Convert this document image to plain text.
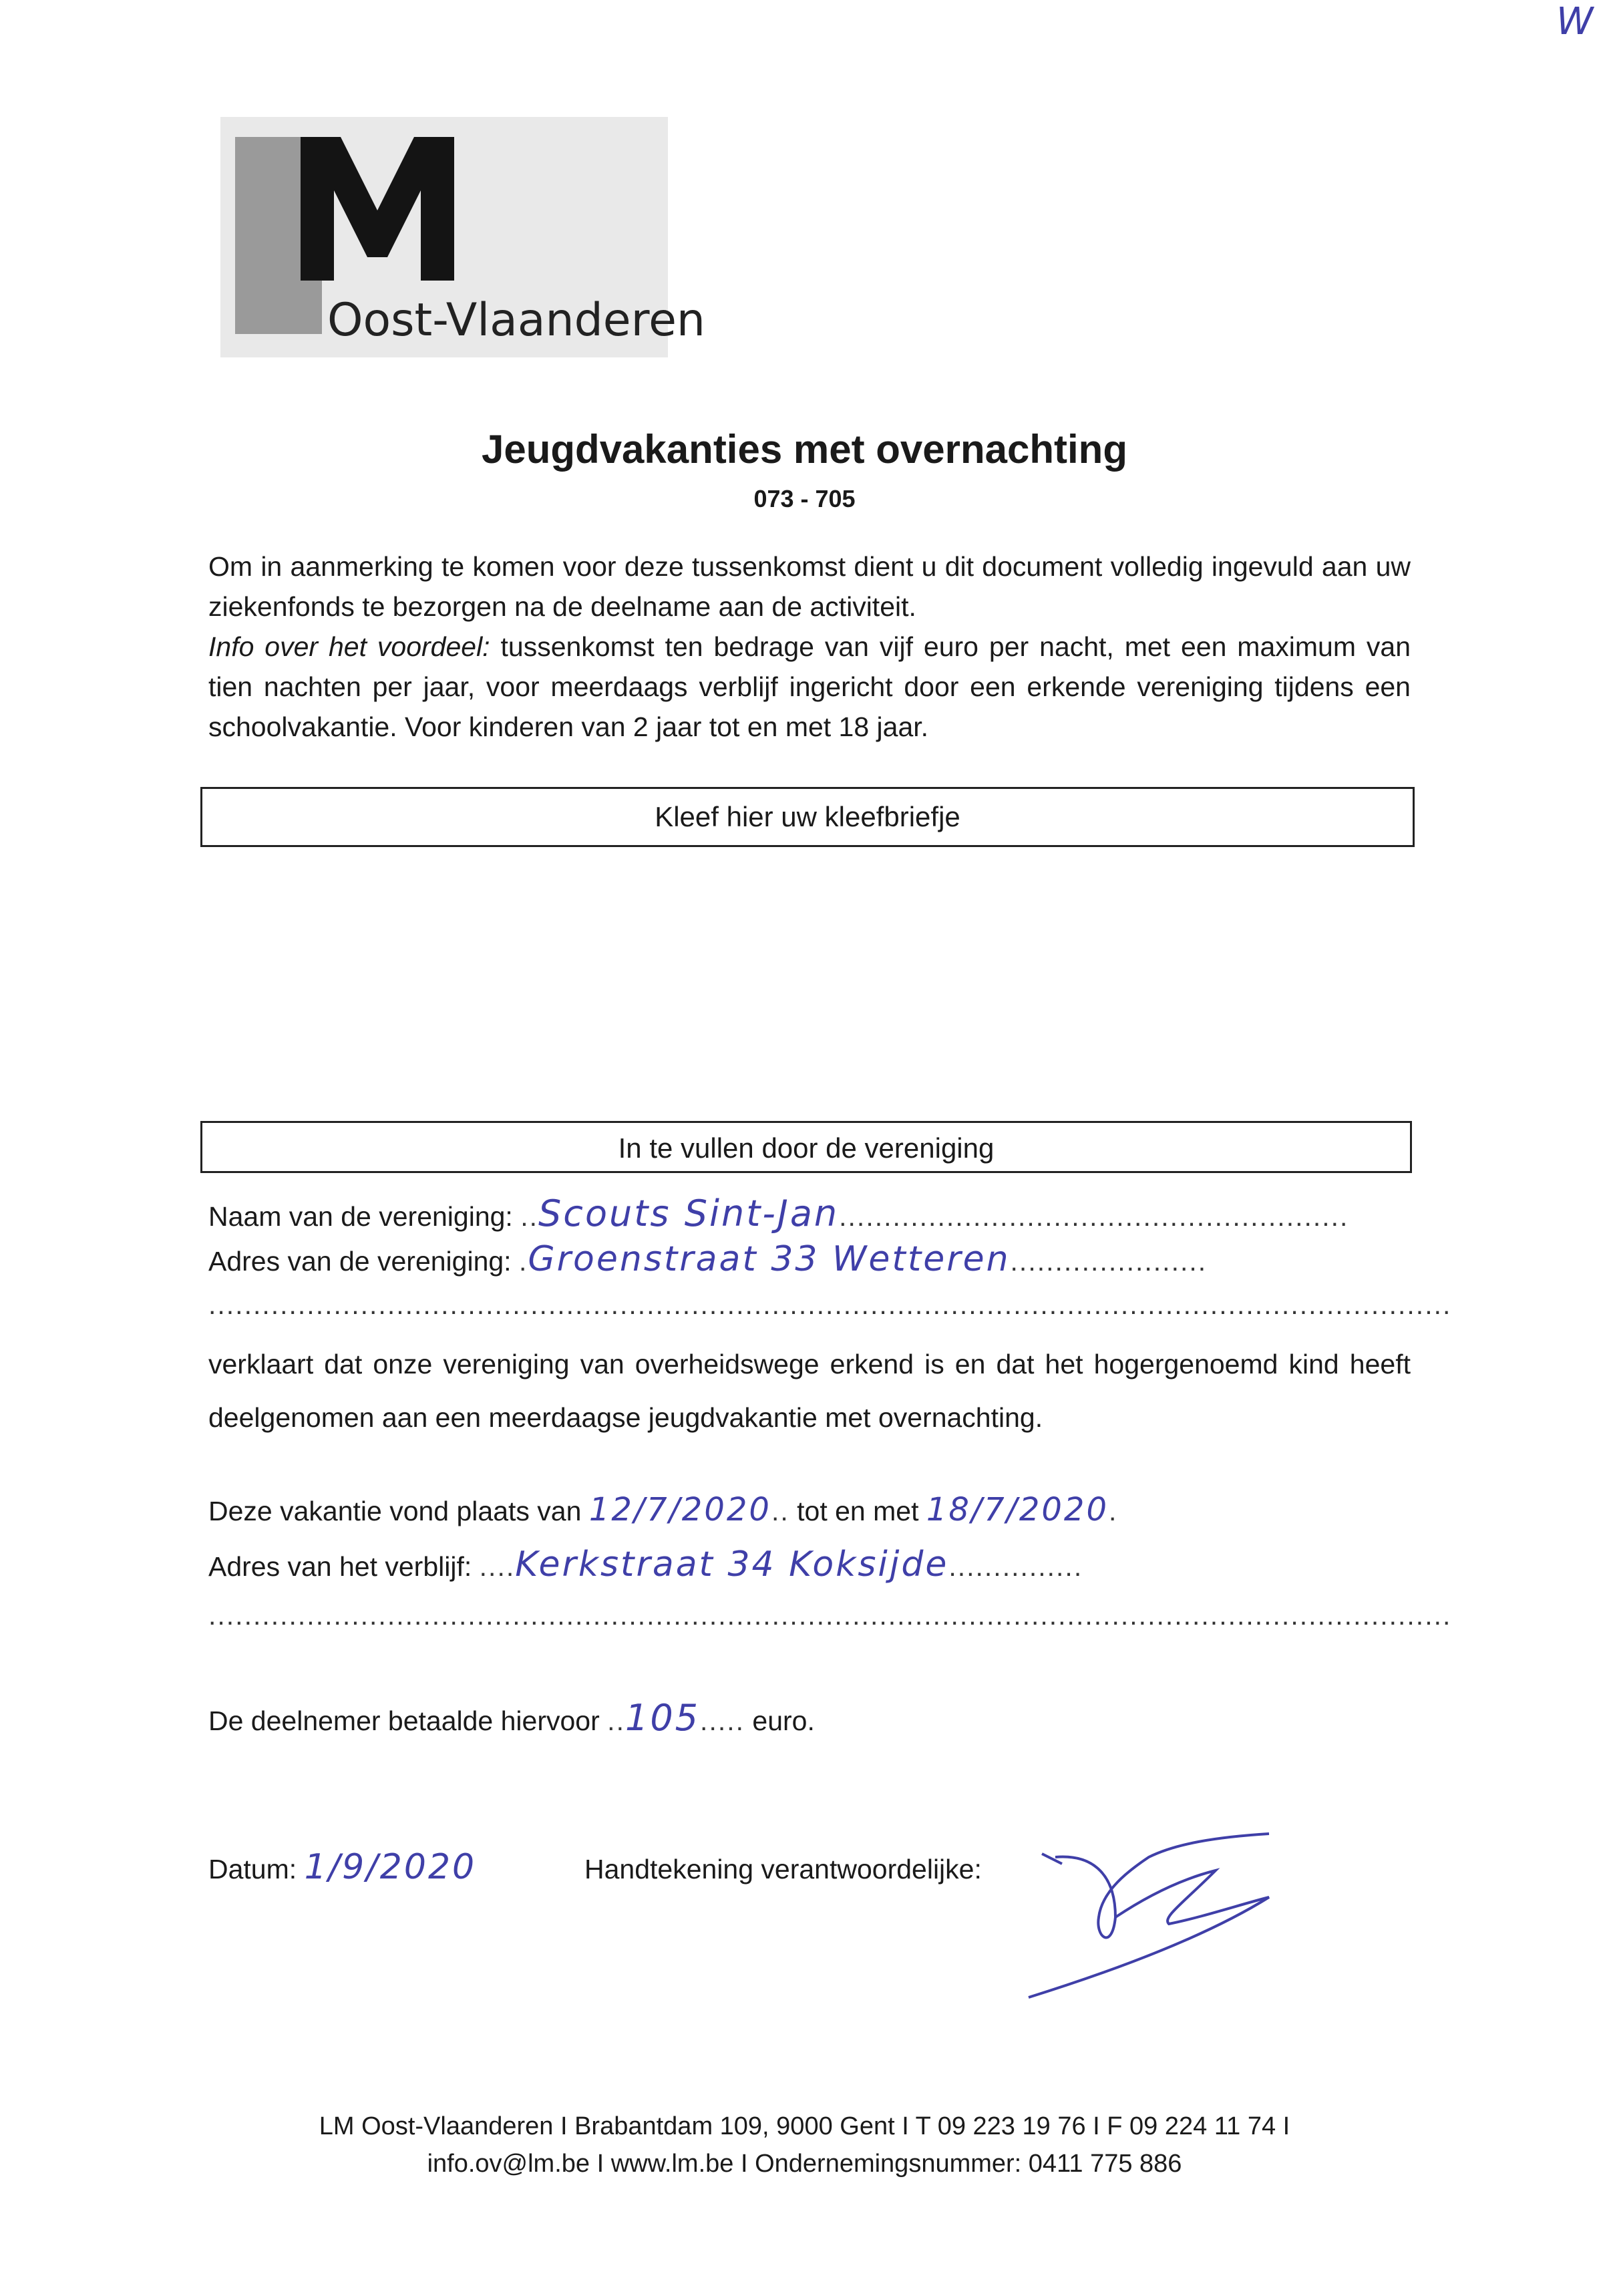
W
Oost-Vlaanderen
Jeugdvakanties met overnachting
073 - 705
Om in aanmerking te komen voor deze tussenkomst dient u dit document volledig ingevuld aan uw ziekenfonds te bezorgen na de deelname aan de activiteit.
Info over het voordeel: tussenkomst ten bedrage van vijf euro per nacht, met een maximum van tien nachten per jaar, voor meerdaags verblijf ingericht door een erkende vereniging tijdens een schoolvakantie. Voor kinderen van 2 jaar tot en met 18 jaar.
Kleef hier uw kleefbriefje
In te vullen door de vereniging
Naam van de vereniging: ..Scouts Sint-Jan.........................................................
Adres van de vereniging: .Groenstraat 33 Wetteren......................
...........................................................................................................................................
verklaart dat onze vereniging van overheidswege erkend is en dat het hogergenoemd kind heeft deelgenomen aan een meerdaagse jeugdvakantie met overnachting.
Deze vakantie vond plaats van 12/7/2020.. tot en met 18/7/2020.
Adres van het verblijf: ....Kerkstraat 34 Koksijde...............
...........................................................................................................................................
De deelnemer betaalde hiervoor ..105..... euro.
Datum: 1/9/2020	Handtekening verantwoordelijke:
LM Oost-Vlaanderen I Brabantdam 109, 9000 Gent I T 09 223 19 76 I F 09 224 11 74 I
info.ov@lm.be I www.lm.be I Ondernemingsnummer: 0411 775 886
